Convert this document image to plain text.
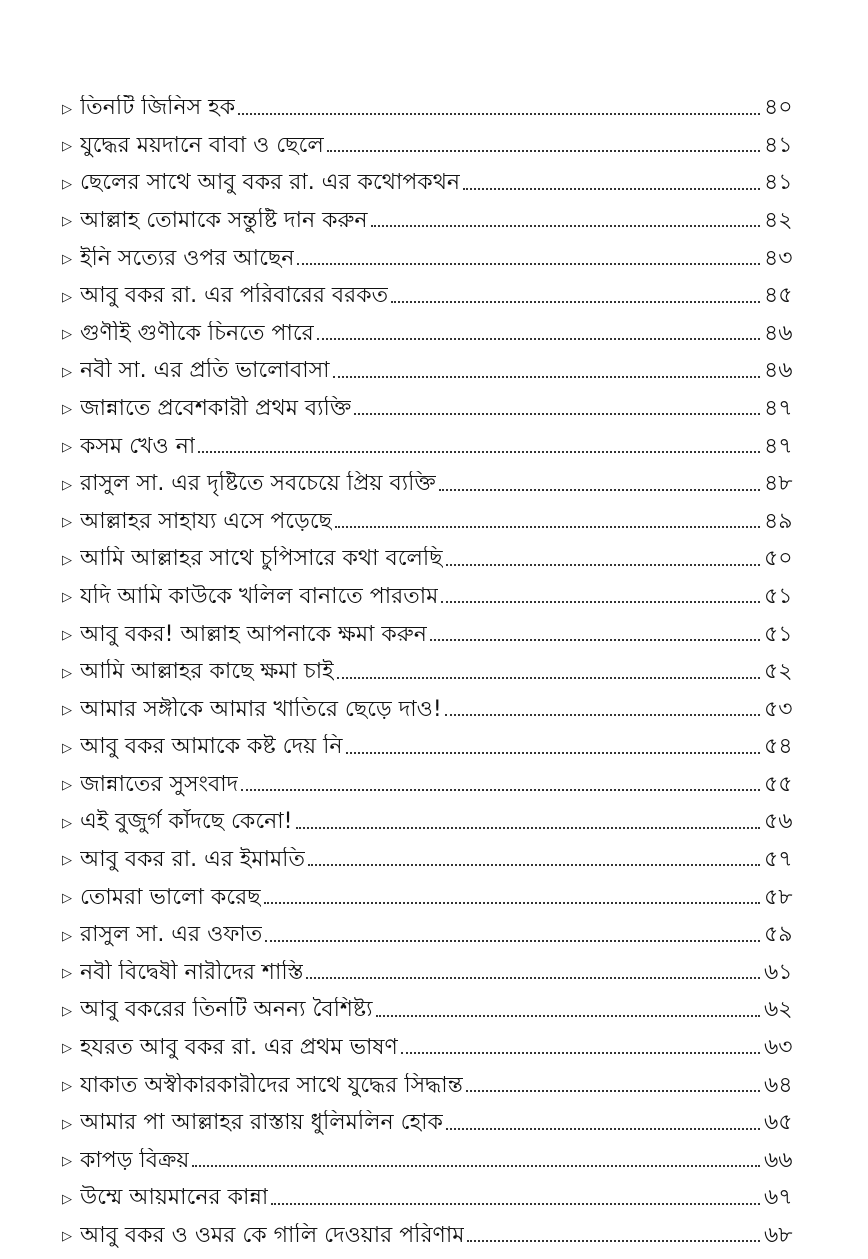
▷ তিনটি জিনিস হক	৪০
▷ যুদ্ধের ময়দানে বাবা ও ছেলে	৪১
▷ ছেলের সাথে আবু বকর রা. এর কথোপকথন	৪১
▷ আল্লাহ তোমাকে সন্তুষ্টি দান করুন	৪২
▷ ইনি সত্যের ওপর আছেন	৪৩
▷ আবু বকর রা. এর পরিবারের বরকত	৪৫
▷ গুণীই গুণীকে চিনতে পারে	৪৬
▷ নবী সা. এর প্রতি ভালোবাসা	৪৬
▷ জান্নাতে প্রবেশকারী প্রথম ব্যক্তি	৪৭
▷ কসম খেও না	৪৭
▷ রাসুল সা. এর দৃষ্টিতে সবচেয়ে প্রিয় ব্যক্তি	৪৮
▷ আল্লাহর সাহায্য এসে পড়েছে	৪৯
▷ আমি আল্লাহর সাথে চুপিসারে কথা বলেছি	৫০
▷ যদি আমি কাউকে খলিল বানাতে পারতাম	৫১
▷ আবু বকর! আল্লাহ আপনাকে ক্ষমা করুন	৫১
▷ আমি আল্লাহর কাছে ক্ষমা চাই	৫২
▷ আমার সঙ্গীকে আমার খাতিরে ছেড়ে দাও!	৫৩
▷ আবু বকর আমাকে কষ্ট দেয় নি	৫৪
▷ জান্নাতের সুসংবাদ	৫৫
▷ এই বুজুর্গ কাঁদছে কেনো!	৫৬
▷ আবু বকর রা. এর ইমামতি	৫৭
▷ তোমরা ভালো করেছ	৫৮
▷ রাসুল সা. এর ওফাত	৫৯
▷ নবী বিদ্বেষী নারীদের শাস্তি	৬১
▷ আবু বকরের তিনটি অনন্য বৈশিষ্ট্য	৬২
▷ হযরত আবু বকর রা. এর প্রথম ভাষণ	৬৩
▷ যাকাত অস্বীকারকারীদের সাথে যুদ্ধের সিদ্ধান্ত	৬৪
▷ আমার পা আল্লাহর রাস্তায় ধুলিমলিন হোক	৬৫
▷ কাপড় বিক্রয়	৬৬
▷ উম্মে আয়মানের কান্না	৬৭
▷ আবু বকর ও ওমর কে গালি দেওয়ার পরিণাম	৬৮
